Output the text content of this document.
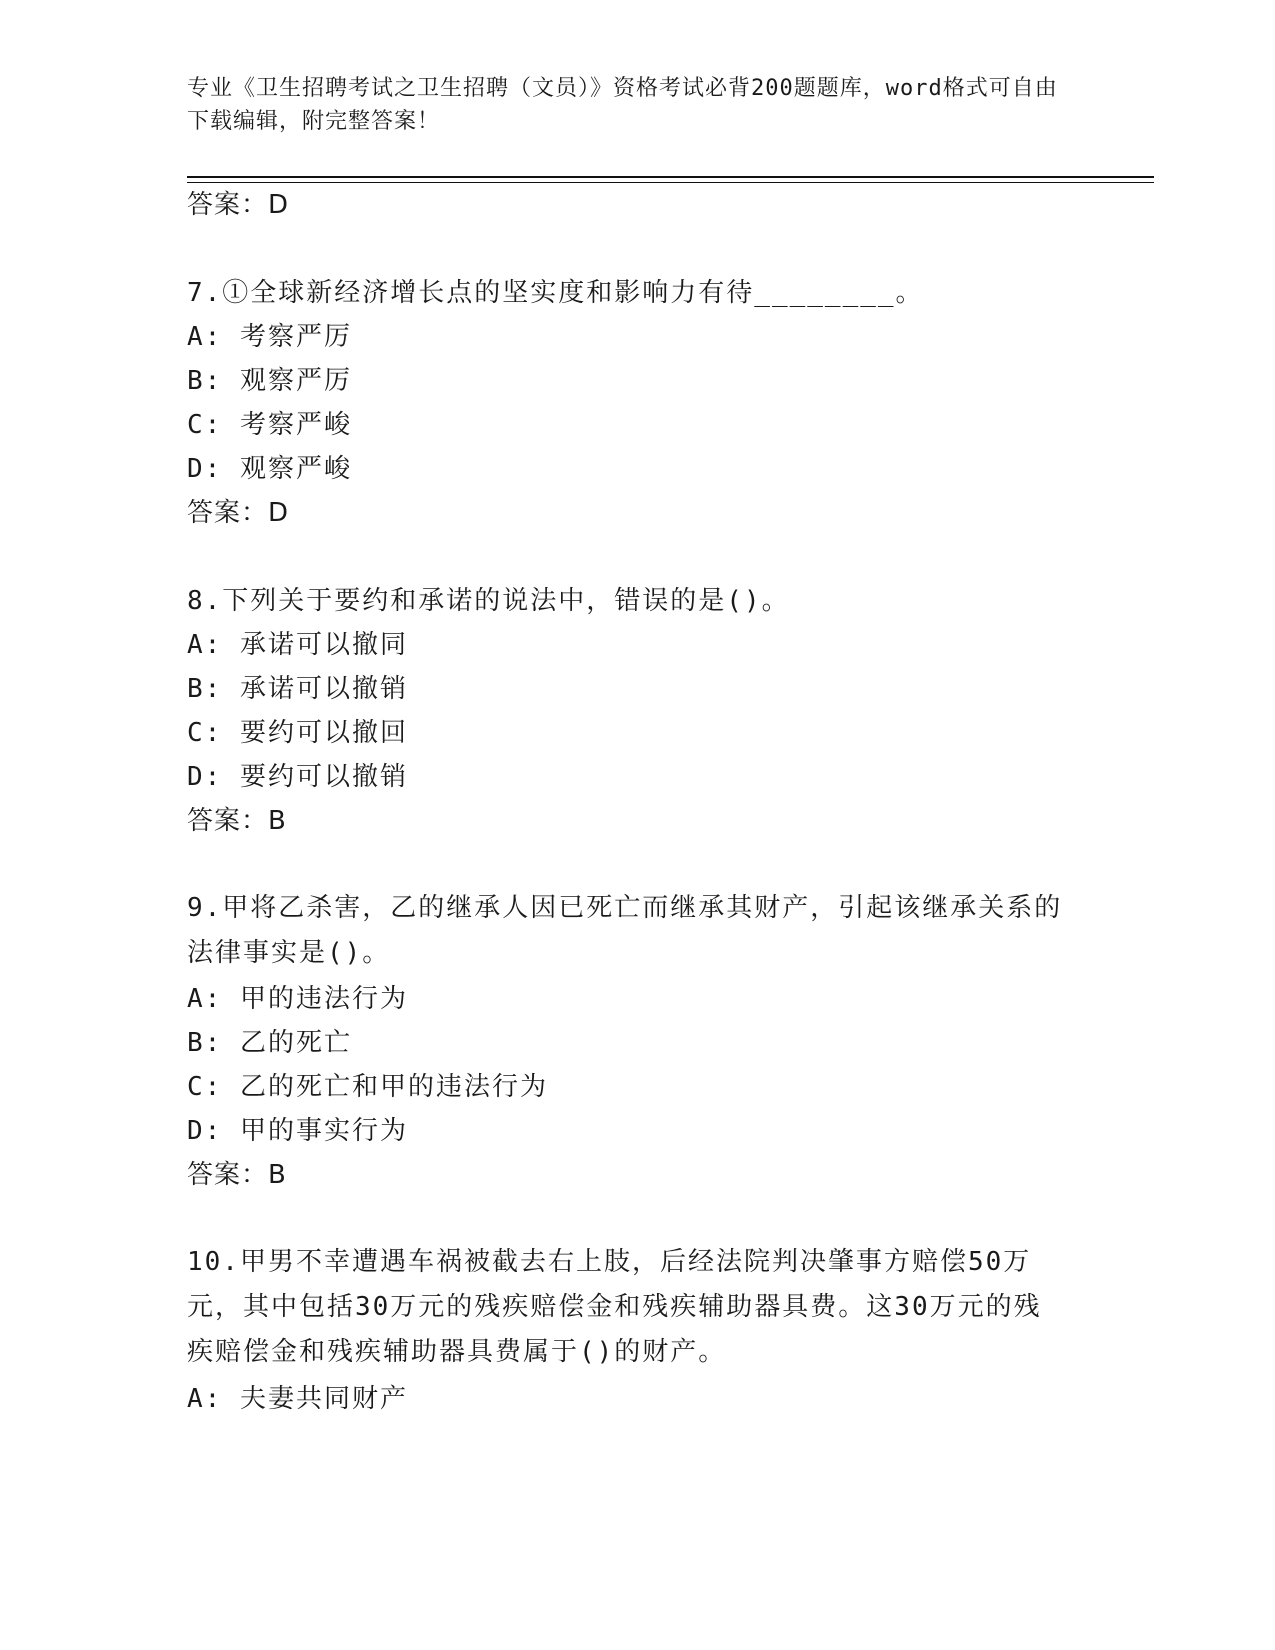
专业《卫生招聘考试之卫生招聘（文员）》资格考试必背200题题库，word格式可自由下载编辑，附完整答案！
答案：D
7.①全球新经济增长点的坚实度和影响力有待________。
A: 考察严厉
B: 观察严厉
C: 考察严峻
D: 观察严峻
答案：D
8.下列关于要约和承诺的说法中，错误的是()。
A: 承诺可以撤同
B: 承诺可以撤销
C: 要约可以撤回
D: 要约可以撤销
答案：B
9.甲将乙杀害，乙的继承人因已死亡而继承其财产，引起该继承关系的法律事实是()。
A: 甲的违法行为
B: 乙的死亡
C: 乙的死亡和甲的违法行为
D: 甲的事实行为
答案：B
10.甲男不幸遭遇车祸被截去右上肢，后经法院判决肇事方赔偿50万元，其中包括30万元的残疾赔偿金和残疾辅助器具费。这30万元的残疾赔偿金和残疾辅助器具费属于()的财产。
A: 夫妻共同财产
